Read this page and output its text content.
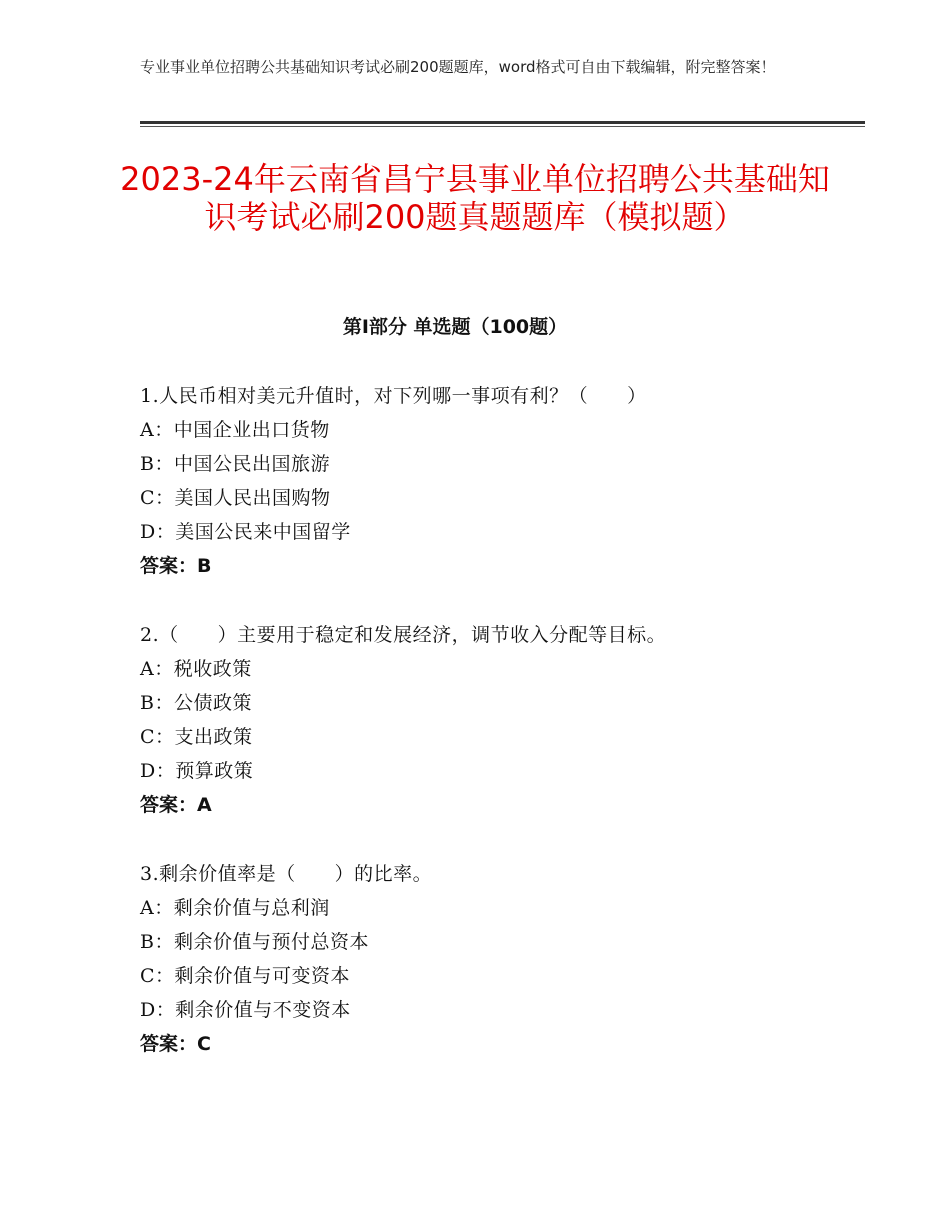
专业事业单位招聘公共基础知识考试必刷200题题库，word格式可自由下载编辑，附完整答案！
2023-24年云南省昌宁县事业单位招聘公共基础知识考试必刷200题真题题库（模拟题）
第Ⅰ部分 单选题（100题）
1.人民币相对美元升值时，对下列哪一事项有利？（　　）
A：中国企业出口货物
B：中国公民出国旅游
C：美国人民出国购物
D：美国公民来中国留学
答案：B
2.（　　）主要用于稳定和发展经济，调节收入分配等目标。
A：税收政策
B：公债政策
C：支出政策
D：预算政策
答案：A
3.剩余价值率是（　　）的比率。
A：剩余价值与总利润
B：剩余价值与预付总资本
C：剩余价值与可变资本
D：剩余价值与不变资本
答案：C
